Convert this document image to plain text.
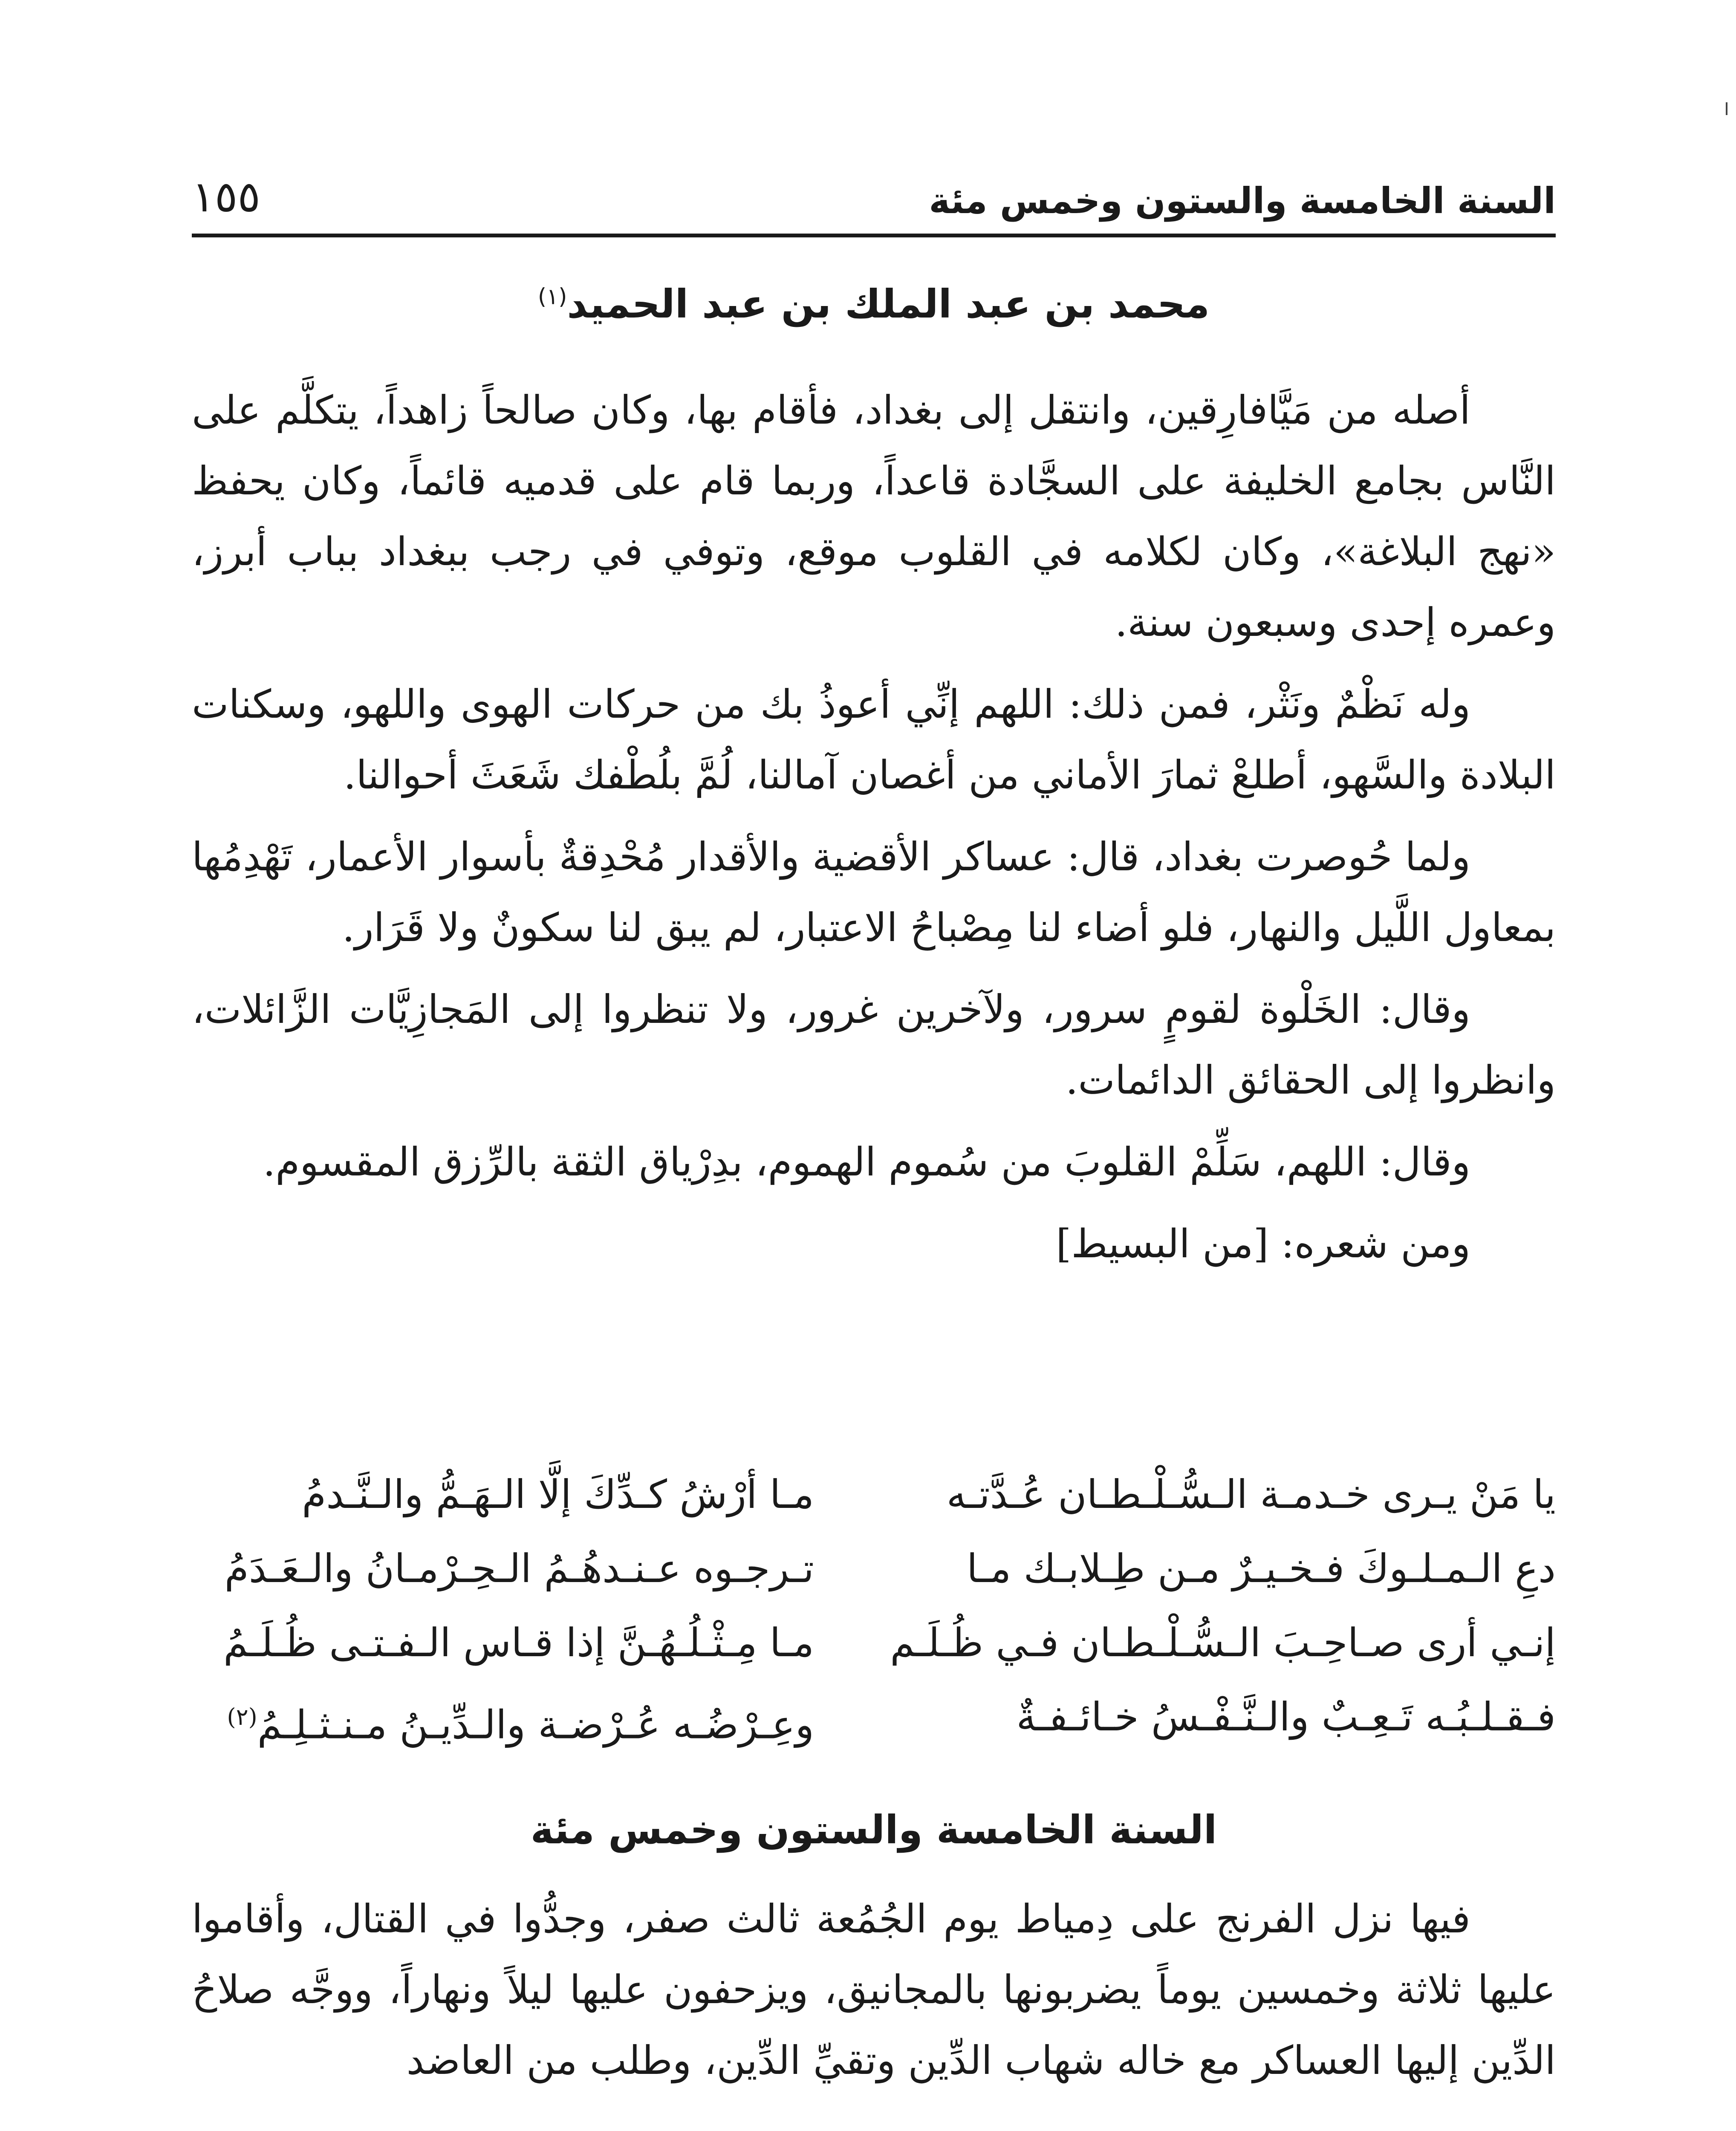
السنة الخامسة والستون وخمس مئة
١٥٥
محمد بن عبد الملك بن عبد الحميد$^{(١)}$

أصله من مَيَّافارِقين، وانتقل إلى بغداد، فأقام بها، وكان صالحاً زاهداً، يتكلَّم على النَّاس بجامع الخليفة على السجَّادة قاعداً، وربما قام على قدميه قائماً، وكان يحفظ «نهج البلاغة»، وكان لكلامه في القلوب موقع، وتوفي في رجب ببغداد بباب أبرز، وعمره إحدى وسبعون سنة.

وله نَظْمٌ ونَثْر، فمن ذلك: اللهم إنِّي أعوذُ بك من حركات الهوى واللهو، وسكنات البلادة والسَّهو، أطلعْ ثمارَ الأماني من أغصان آمالنا، لُمَّ بلُطْفك شَعَثَ أحوالنا.

ولما حُوصرت بغداد، قال: عساكر الأقضية والأقدار مُحْدِقةٌ بأسوار الأعمار، تَهْدِمُها بمعاول اللَّيل والنهار، فلو أضاء لنا مِصْباحُ الاعتبار، لم يبق لنا سكونٌ ولا قَرَار.

وقال: الخَلْوة لقومٍ سرور، ولآخرين غرور، ولا تنظروا إلى المَجازِيَّات الزَّائلات، وانظروا إلى الحقائق الدائمات.

وقال: اللهم، سَلِّمْ القلوبَ من سُموم الهموم، بدِرْياق الثقة بالرِّزق المقسوم.

ومن شعره: [من البسيط]

يا مَنْ يـرى خـدمـة الـسُّـلْـطـان عُـدَّتـه
مـا أرْشُ كـدِّكَ إلَّا الـهَـمُّ والـنَّـدمُ
دعِ الـمـلـوكَ فـخـيـرٌ مـن طِـلابـك مـا
تـرجـوه عـنـدهُـمُ الـحِـرْمـانُ والـعَـدَمُ
إنـي أرى صـاحِـبَ الـسُّـلْـطـان فـي ظُـلَـم
مـا مِـثْـلُـهُـنَّ إذا قـاس الـفـتـى ظُـلَـمُ
فـقـلـبُـه تَـعِـبٌ والـنَّـفْـسُ خـائـفـةٌ
وعِـرْضُـه عُـرْضـة والـدِّيـنُ مـنـثـلِـمُ$^{(٢)}$
السنة الخامسة والستون وخمس مئة

فيها نزل الفرنج على دِمياط يوم الجُمُعة ثالث صفر، وجدُّوا في القتال، وأقاموا عليها ثلاثة وخمسين يوماً يضربونها بالمجانيق، ويزحفون عليها ليلاً ونهاراً، ووجَّه صلاحُ الدِّين إليها العساكر مع خاله شهاب الدِّين وتقيِّ الدِّين، وطلب من العاضد
